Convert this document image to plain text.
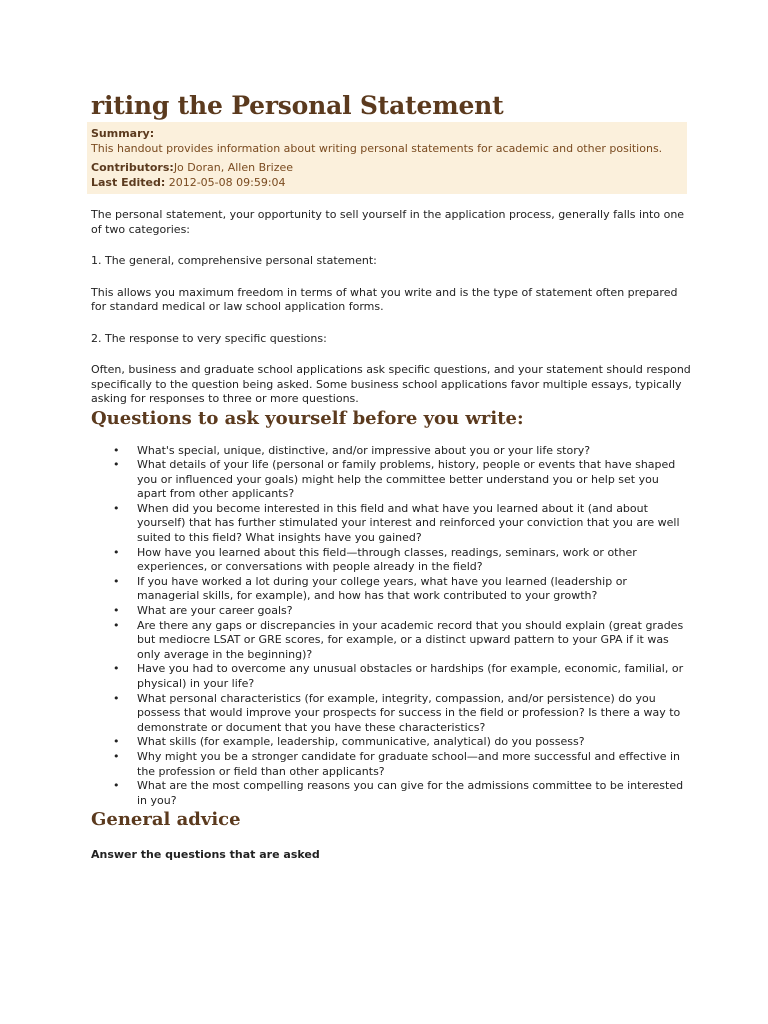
riting the Personal Statement
Summary:
This handout provides information about writing personal statements for academic and other positions.
Contributors:Jo Doran, Allen Brizee
Last Edited: 2012-05-08 09:59:04

The personal statement, your opportunity to sell yourself in the application process, generally falls into one of two categories:

1. The general, comprehensive personal statement:

This allows you maximum freedom in terms of what you write and is the type of statement often prepared for standard medical or law school application forms.

2. The response to very specific questions:

Often, business and graduate school applications ask specific questions, and your statement should respond specifically to the question being asked. Some business school applications favor multiple essays, typically asking for responses to three or more questions.

Questions to ask yourself before you write:
• What's special, unique, distinctive, and/or impressive about you or your life story?
• What details of your life (personal or family problems, history, people or events that have shaped you or influenced your goals) might help the committee better understand you or help set you apart from other applicants?
• When did you become interested in this field and what have you learned about it (and about yourself) that has further stimulated your interest and reinforced your conviction that you are well suited to this field? What insights have you gained?
• How have you learned about this field—through classes, readings, seminars, work or other experiences, or conversations with people already in the field?
• If you have worked a lot during your college years, what have you learned (leadership or managerial skills, for example), and how has that work contributed to your growth?
• What are your career goals?
• Are there any gaps or discrepancies in your academic record that you should explain (great grades but mediocre LSAT or GRE scores, for example, or a distinct upward pattern to your GPA if it was only average in the beginning)?
• Have you had to overcome any unusual obstacles or hardships (for example, economic, familial, or physical) in your life?
• What personal characteristics (for example, integrity, compassion, and/or persistence) do you possess that would improve your prospects for success in the field or profession? Is there a way to demonstrate or document that you have these characteristics?
• What skills (for example, leadership, communicative, analytical) do you possess?
• Why might you be a stronger candidate for graduate school—and more successful and effective in the profession or field than other applicants?
• What are the most compelling reasons you can give for the admissions committee to be interested in you?
General advice
Answer the questions that are asked
